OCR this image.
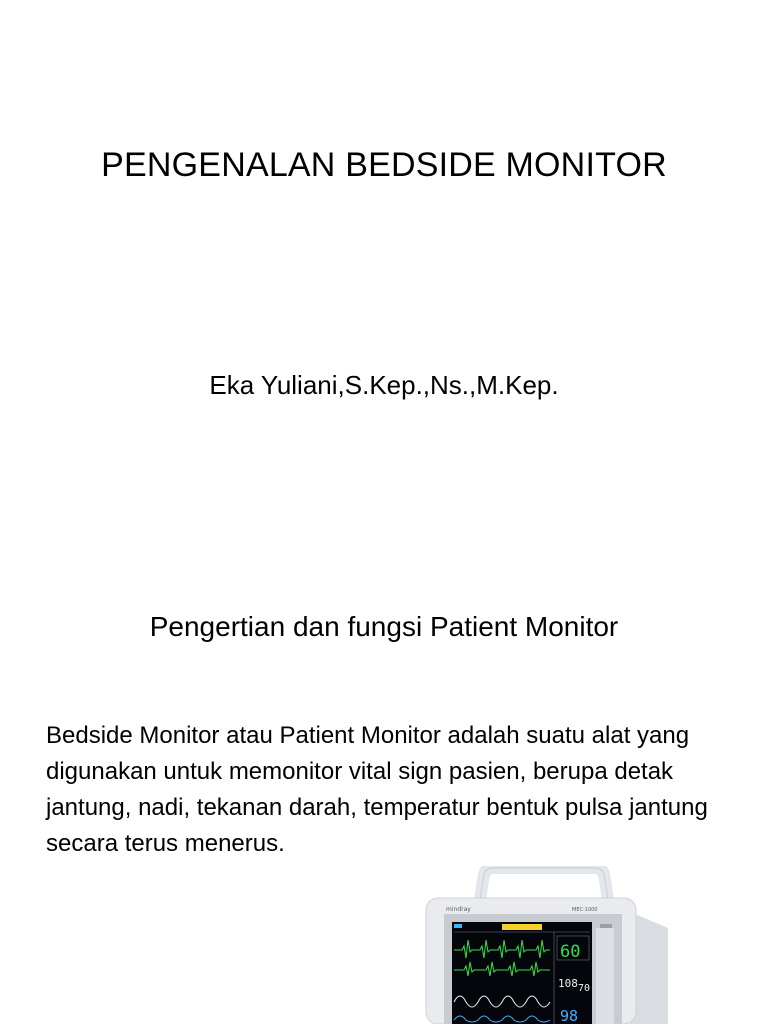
PENGENALAN BEDSIDE MONITOR
Eka Yuliani,S.Kep.,Ns.,M.Kep.
Pengertian dan fungsi Patient Monitor
Bedside Monitor atau Patient Monitor adalah suatu alat yang digunakan untuk memonitor vital sign pasien, berupa detak jantung, nadi, tekanan darah, temperatur bentuk pulsa jantung secara terus menerus.
mindray	MEC-1000
60
108 70
98
